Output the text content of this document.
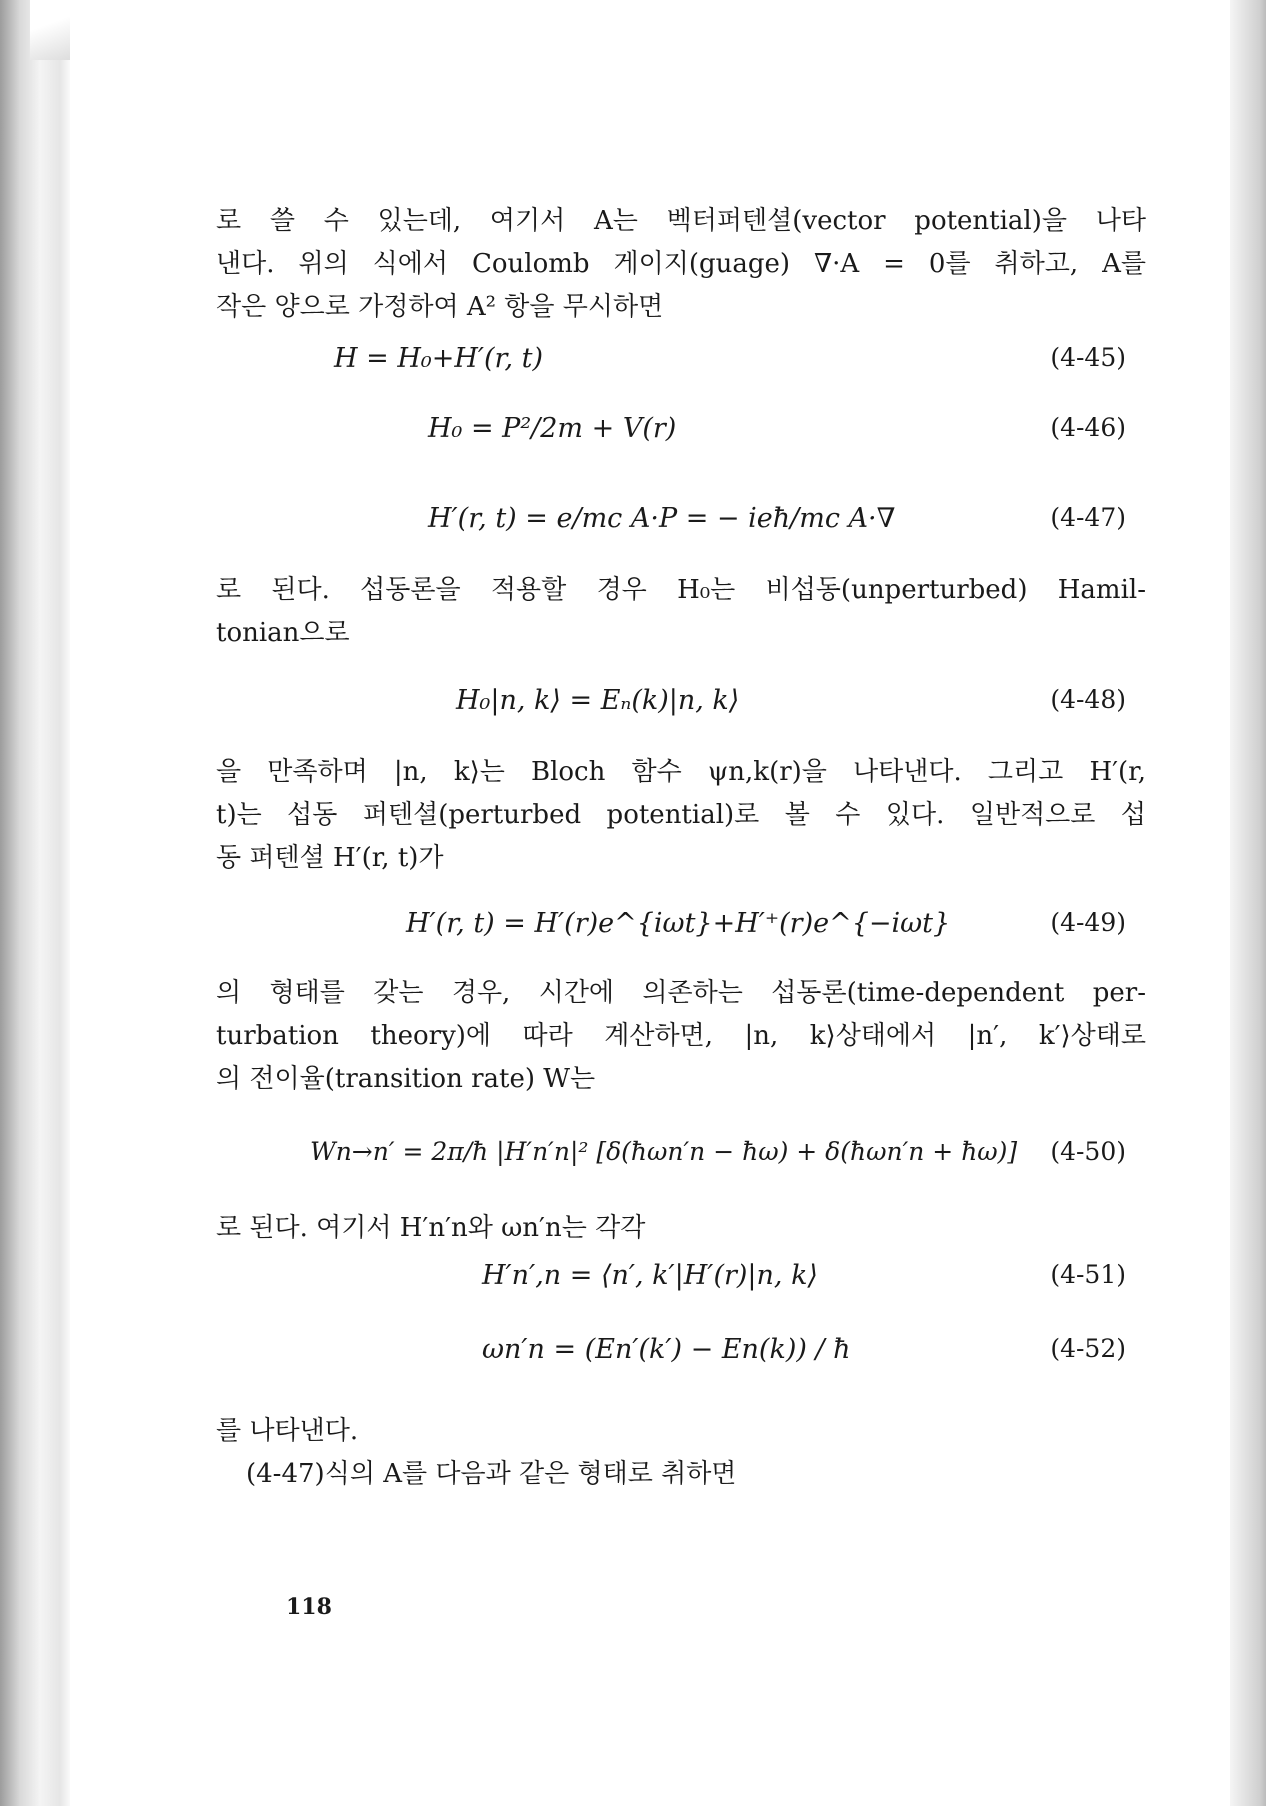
로 쓸 수 있는데, 여기서 A는 벡터퍼텐셜(vector potential)을 나타
낸다. 위의 식에서 Coulomb 게이지(guage) ∇·A = 0를 취하고, A를
작은 양으로 가정하여 A² 항을 무시하면
H = H₀+H′(r, t)	(4-45)
H₀ = P²/2m + V(r)	(4-46)
H′(r, t) = e/mc A·P = − ieħ/mc A·∇	(4-47)
로 된다. 섭동론을 적용할 경우 H₀는 비섭동(unperturbed) Hamil-
tonian으로
H₀|n, k⟩ = Eₙ(k)|n, k⟩	(4-48)
을 만족하며 |n, k⟩는 Bloch 함수 ψn,k(r)을 나타낸다. 그리고 H′(r,
t)는 섭동 퍼텐셜(perturbed potential)로 볼 수 있다. 일반적으로 섭
동 퍼텐셜 H′(r, t)가
H′(r, t) = H′(r)e^{iωt}+H′⁺(r)e^{−iωt}	(4-49)
의 형태를 갖는 경우, 시간에 의존하는 섭동론(time-dependent per-
turbation theory)에 따라 계산하면, |n, k⟩상태에서 |n′, k′⟩상태로
의 전이율(transition rate) W는
Wn→n′ = 2π/ħ |H′n′n|² [δ(ħωn′n − ħω) + δ(ħωn′n + ħω)] (4-50)
로 된다. 여기서 H′n′n와 ωn′n는 각각
H′n′,n = ⟨n′, k′|H′(r)|n, k⟩	(4-51)
ωn′n = (En′(k′) − En(k)) / ħ	(4-52)
를 나타낸다.
(4-47)식의 A를 다음과 같은 형태로 취하면
118
